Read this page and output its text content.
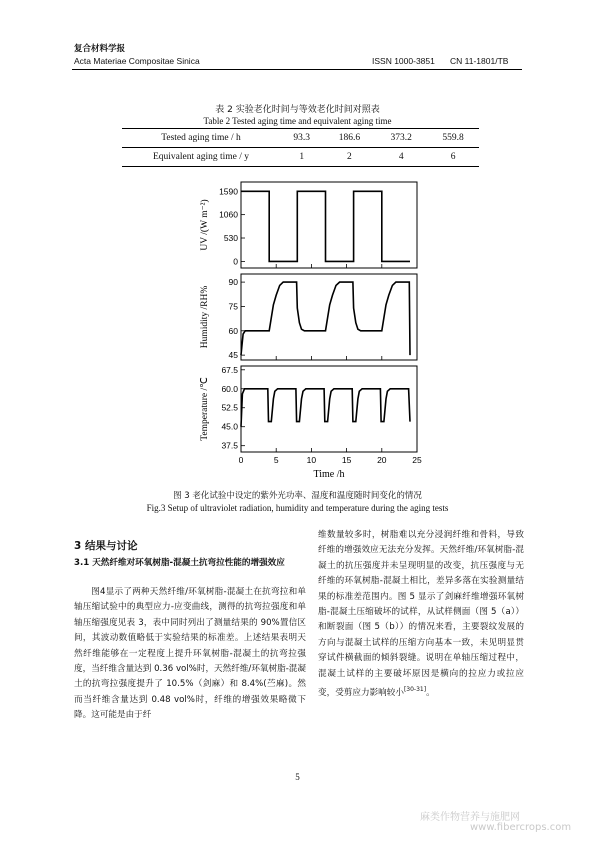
复合材料学报
Acta Materiae Compositae Sinica	ISSN 1000-3851 CN 11-1801/TB
表 2 实验老化时间与等效老化时间对照表
Table 2 Tested aging time and equivalent aging time
Tested aging time / h	93.3	186.6	373.2	559.8
Equivalent aging time / y	1	2	4	6
0
530
1060
1590
UV /(W m⁻²)
45
60
75
90
Humidity /RH%
37.5
45.0
52.5
60.0
67.5
Temperature /℃
0	5	10	15	20	25
Time /h
图 3 老化试验中设定的紫外光功率、湿度和温度随时间变化的情况
Fig.3 Setup of ultraviolet radiation, humidity and temperature during the aging tests
3 结果与讨论
3.1 天然纤维对环氧树脂-混凝土抗弯拉性能的增强效应

图4显示了两种天然纤维/环氧树脂-混凝土在抗弯拉和单轴压缩试验中的典型应力-应变曲线，测得的抗弯拉强度和单轴压缩强度见表 3，表中同时列出了测量结果的 90%置信区间，其波动数值略低于实验结果的标准差。上述结果表明天然纤维能够在一定程度上提升环氧树脂-混凝土的抗弯拉强度，当纤维含量达到 0.36 vol%时，天然纤维/环氧树脂-混凝土的抗弯拉强度提升了 10.5%（剑麻）和 8.4%(苎麻)。然而当纤维含量达到 0.48 vol%时，纤维的增强效果略微下降。这可能是由于纤

维数量较多时，树脂难以充分浸润纤维和骨料，导致纤维的增强效应无法充分发挥。天然纤维/环氧树脂-混凝土的抗压强度并未呈现明显的改变，抗压强度与无纤维的环氧树脂-混凝土相比，差异多落在实验测量结果的标准差范围内。图 5 显示了剑麻纤维增强环氧树脂-混凝土压缩破坏的试样，从试样侧面（图 5（a））和断裂面（图 5（b））的情况来看，主要裂纹发展的方向与混凝土试样的压缩方向基本一致，未见明显贯穿试件横截面的倾斜裂缝。说明在单轴压缩过程中，混凝土试样的主要破坏原因是横向的拉应力或拉应变，受剪应力影响较小[30-31]。

5
麻类作物营养与施肥网
www.fibercrops.com
